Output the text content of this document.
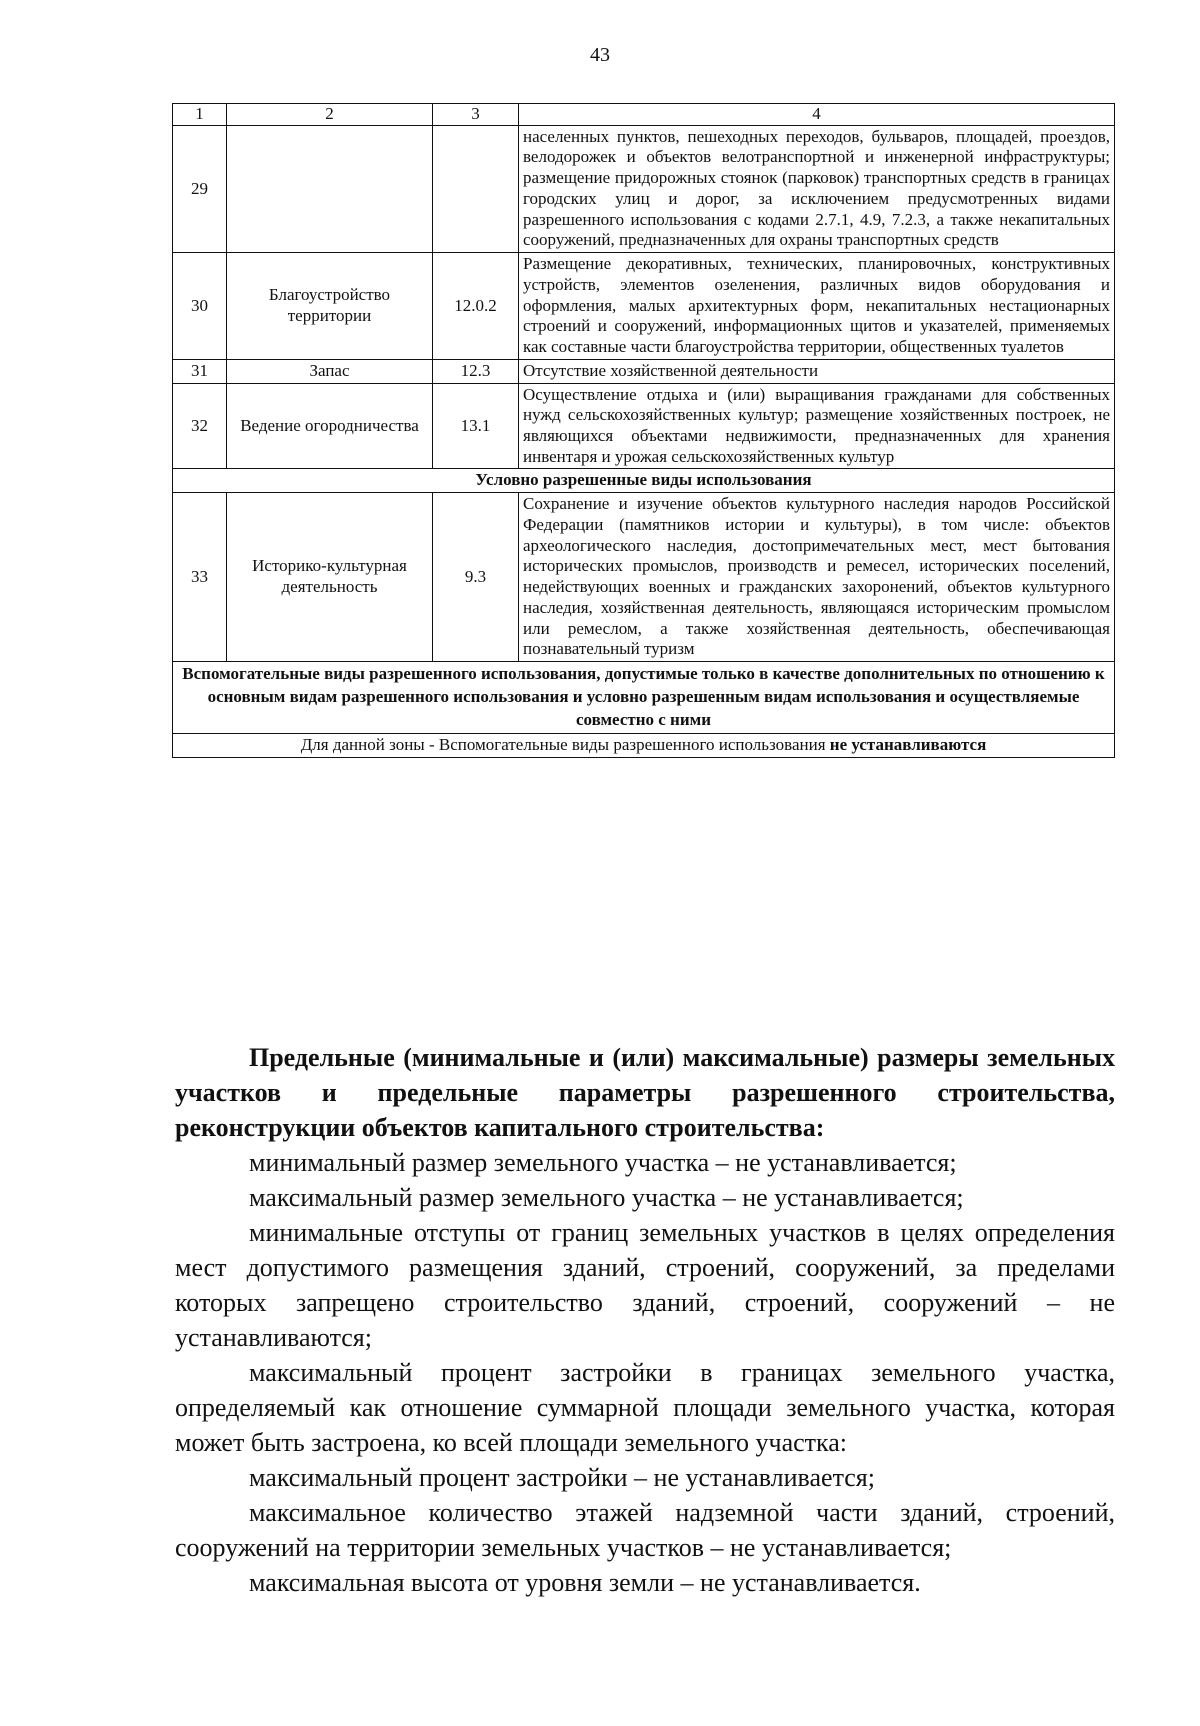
43
1	2	3	4
29			населенных пунктов, пешеходных переходов, бульваров, площадей, проездов, велодорожек и объектов велотранспортной и инженерной инфраструктуры; размещение придорожных стоянок (парковок) транспортных средств в границах городских улиц и дорог, за исключением предусмотренных видами разрешенного использования с кодами 2.7.1, 4.9, 7.2.3, а также некапитальных сооружений, предназначенных для охраны транспортных средств
30	Благоустройство территории	12.0.2	Размещение декоративных, технических, планировочных, конструктивных устройств, элементов озеленения, различных видов оборудования и оформления, малых архитектурных форм, некапитальных нестационарных строений и сооружений, информационных щитов и указателей, применяемых как составные части благоустройства территории, общественных туалетов
31	Запас	12.3	Отсутствие хозяйственной деятельности
32	Ведение огородничества	13.1	Осуществление отдыха и (или) выращивания гражданами для собственных нужд сельскохозяйственных культур; размещение хозяйственных построек, не являющихся объектами недвижимости, предназначенных для хранения инвентаря и урожая сельскохозяйственных культур
Условно разрешенные виды использования			
33	Историко-культурная деятельность	9.3	Сохранение и изучение объектов культурного наследия народов Российской Федерации (памятников истории и культуры), в том числе: объектов археологического наследия, достопримечательных мест, мест бытования исторических промыслов, производств и ремесел, исторических поселений, недействующих военных и гражданских захоронений, объектов культурного наследия, хозяйственная деятельность, являющаяся историческим промыслом или ремеслом, а также хозяйственная деятельность, обеспечивающая познавательный туризм
Вспомогательные виды разрешенного использования, допустимые только в качестве дополнительных по отношению к основным видам разрешенного использования и условно разрешенным видам использования и осуществляемые совместно с ними			
Для данной зоны - Вспомогательные виды разрешенного использования не устанавливаются			

Предельные (минимальные и (или) максимальные) размеры земельных участков и предельные параметры разрешенного строительства, реконструкции объектов капитального строительства:

минимальный размер земельного участка – не устанавливается;

максимальный размер земельного участка – не устанавливается;

минимальные отступы от границ земельных участков в целях определения мест допустимого размещения зданий, строений, сооружений, за пределами которых запрещено строительство зданий, строений, сооружений – не устанавливаются;

максимальный процент застройки в границах земельного участка, определяемый как отношение суммарной площади земельного участка, которая может быть застроена, ко всей площади земельного участка:

максимальный процент застройки – не устанавливается;

максимальное количество этажей надземной части зданий, строений, сооружений на территории земельных участков – не устанавливается;

максимальная высота от уровня земли – не устанавливается.
